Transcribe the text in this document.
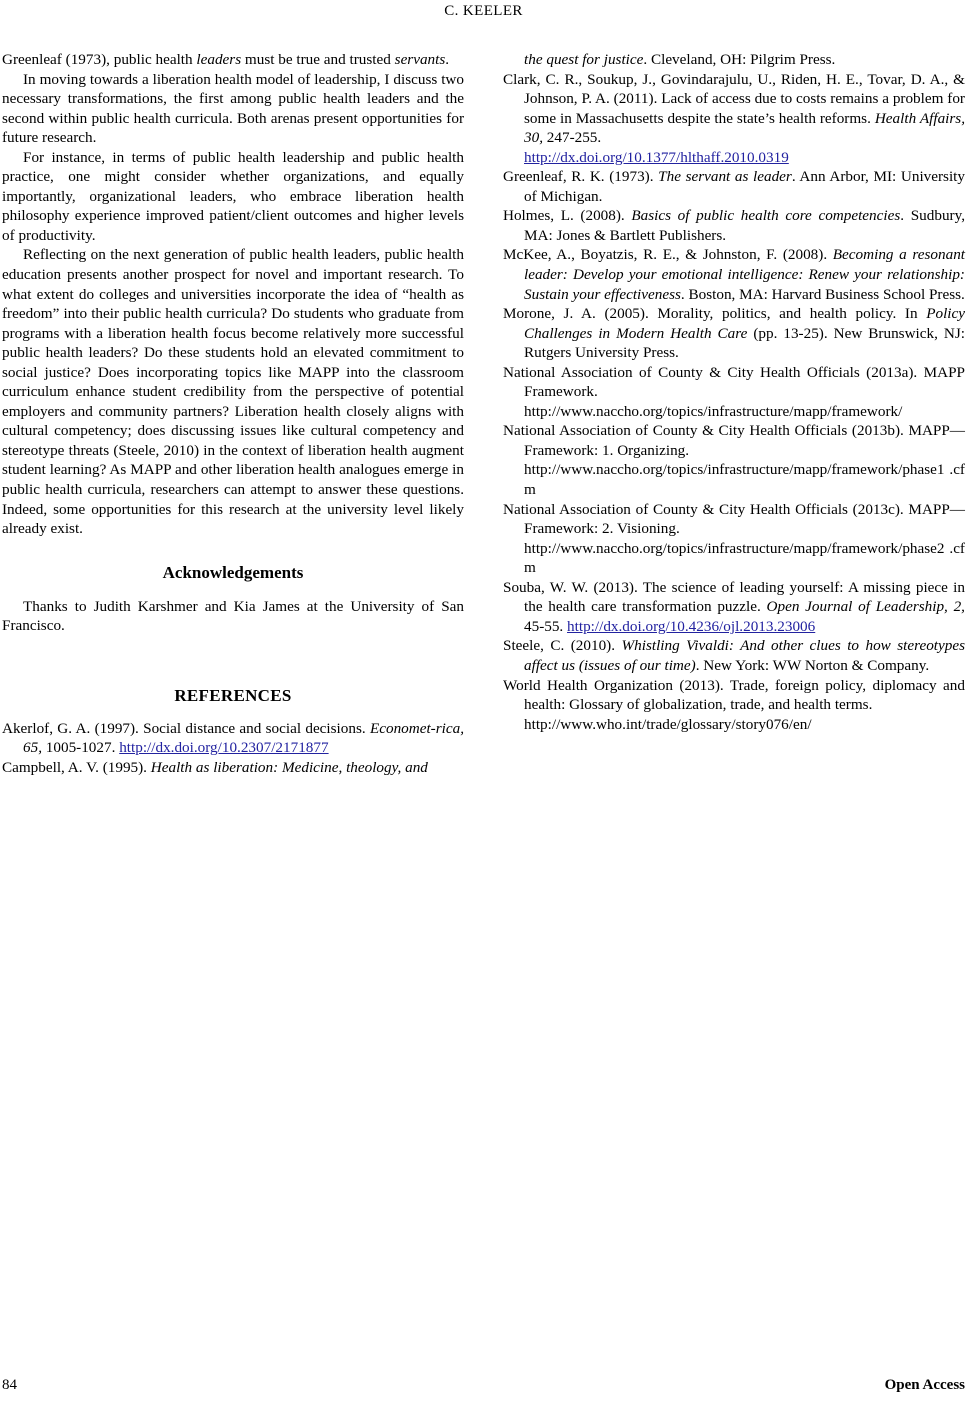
C. KEELER

Greenleaf (1973), public health leaders must be true and trusted servants.

In moving towards a liberation health model of leadership, I discuss two necessary transformations, the first among public health leaders and the second within public health curricula. Both arenas present opportunities for future research.

For instance, in terms of public health leadership and public health practice, one might consider whether organizations, and equally importantly, organizational leaders, who embrace liberation health philosophy experience improved patient/client outcomes and higher levels of productivity.

Reflecting on the next generation of public health leaders, public health education presents another prospect for novel and important research. To what extent do colleges and universities incorporate the idea of “health as freedom” into their public health curricula? Do students who graduate from programs with a liberation health focus become relatively more successful public health leaders? Do these students hold an elevated commitment to social justice? Does incorporating topics like MAPP into the classroom curriculum enhance student credibility from the perspective of potential employers and community partners? Liberation health closely aligns with cultural competency; does discussing issues like cultural competency and stereotype threats (Steele, 2010) in the context of liberation health augment student learning? As MAPP and other liberation health analogues emerge in public health curricula, researchers can attempt to answer these questions. Indeed, some opportunities for this research at the university level likely already exist.

Acknowledgements

Thanks to Judith Karshmer and Kia James at the University of San Francisco.

REFERENCES

Akerlof, G. A. (1997). Social distance and social decisions. Economet-rica, 65, 1005-1027. http://dx.doi.org/10.2307/2171877

Campbell, A. V. (1995). Health as liberation: Medicine, theology, and

the quest for justice. Cleveland, OH: Pilgrim Press.

Clark, C. R., Soukup, J., Govindarajulu, U., Riden, H. E., Tovar, D. A., & Johnson, P. A. (2011). Lack of access due to costs remains a problem for some in Massachusetts despite the state’s health reforms. Health Affairs, 30, 247-255.
http://dx.doi.org/10.1377/hlthaff.2010.0319

Greenleaf, R. K. (1973). The servant as leader. Ann Arbor, MI: University of Michigan.

Holmes, L. (2008). Basics of public health core competencies. Sudbury, MA: Jones & Bartlett Publishers.

McKee, A., Boyatzis, R. E., & Johnston, F. (2008). Becoming a resonant leader: Develop your emotional intelligence: Renew your relationship: Sustain your effectiveness. Boston, MA: Harvard Business School Press.

Morone, J. A. (2005). Morality, politics, and health policy. In Policy Challenges in Modern Health Care (pp. 13-25). New Brunswick, NJ: Rutgers University Press.

National Association of County & City Health Officials (2013a). MAPP Framework.
http://www.naccho.org/topics/infrastructure/mapp/framework/

National Association of County & City Health Officials (2013b). MAPP—Framework: 1. Organizing.
http://www.naccho.org/topics/infrastructure/mapp/framework/phase1 .cfm

National Association of County & City Health Officials (2013c). MAPP—Framework: 2. Visioning.
http://www.naccho.org/topics/infrastructure/mapp/framework/phase2 .cfm

Souba, W. W. (2013). The science of leading yourself: A missing piece in the health care transformation puzzle. Open Journal of Leadership, 2, 45-55. http://dx.doi.org/10.4236/ojl.2013.23006

Steele, C. (2010). Whistling Vivaldi: And other clues to how stereotypes affect us (issues of our time). New York: WW Norton & Company.

World Health Organization (2013). Trade, foreign policy, diplomacy and health: Glossary of globalization, trade, and health terms.
http://www.who.int/trade/glossary/story076/en/

84	Open Access
